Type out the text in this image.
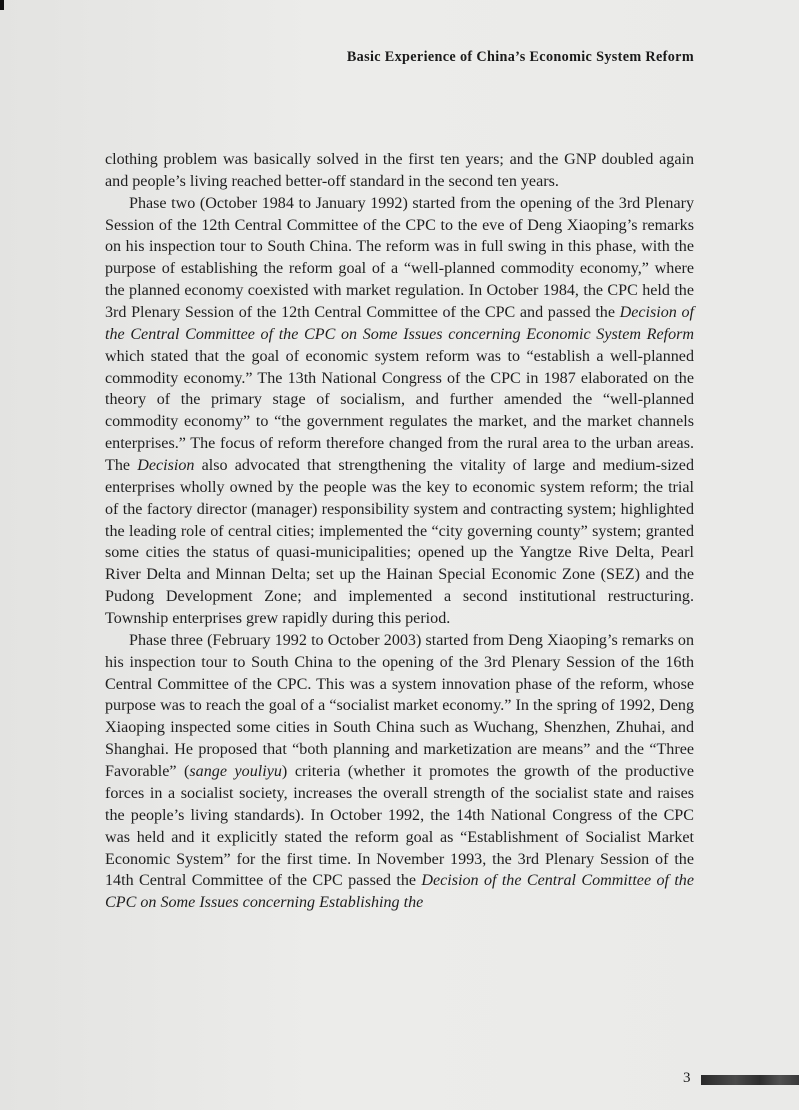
Basic Experience of China’s Economic System Reform

clothing problem was basically solved in the first ten years; and the GNP doubled again and people’s living reached better-off standard in the second ten years.

Phase two (October 1984 to January 1992) started from the opening of the 3rd Plenary Session of the 12th Central Committee of the CPC to the eve of Deng Xiaoping’s remarks on his inspection tour to South China. The reform was in full swing in this phase, with the purpose of establishing the reform goal of a “well-planned commodity economy,” where the planned economy coexisted with market regulation. In October 1984, the CPC held the 3rd Plenary Session of the 12th Central Committee of the CPC and passed the Decision of the Central Committee of the CPC on Some Issues concerning Economic System Reform which stated that the goal of economic system reform was to “establish a well-planned commodity economy.” The 13th National Congress of the CPC in 1987 elaborated on the theory of the primary stage of socialism, and further amended the “well-planned commodity economy” to “the government regulates the market, and the market channels enterprises.” The focus of reform therefore changed from the rural area to the urban areas. The Decision also advocated that strengthening the vitality of large and medium-sized enterprises wholly owned by the people was the key to economic system reform; the trial of the factory director (manager) responsibility system and contracting system; highlighted the leading role of central cities; implemented the “city governing county” system; granted some cities the status of quasi-municipalities; opened up the Yangtze Rive Delta, Pearl River Delta and Minnan Delta; set up the Hainan Special Economic Zone (SEZ) and the Pudong Development Zone; and implemented a second institutional restructuring. Township enterprises grew rapidly during this period.

Phase three (February 1992 to October 2003) started from Deng Xiaoping’s remarks on his inspection tour to South China to the opening of the 3rd Plenary Session of the 16th Central Committee of the CPC. This was a system innovation phase of the reform, whose purpose was to reach the goal of a “socialist market economy.” In the spring of 1992, Deng Xiaoping inspected some cities in South China such as Wuchang, Shenzhen, Zhuhai, and Shanghai. He proposed that “both planning and marketization are means” and the “Three Favorable” (sange youliyu) criteria (whether it promotes the growth of the productive forces in a socialist society, increases the overall strength of the socialist state and raises the people’s living standards). In October 1992, the 14th National Congress of the CPC was held and it explicitly stated the reform goal as “Establishment of Socialist Market Economic System” for the first time. In November 1993, the 3rd Plenary Session of the 14th Central Committee of the CPC passed the Decision of the Central Committee of the CPC on Some Issues concerning Establishing the

3
